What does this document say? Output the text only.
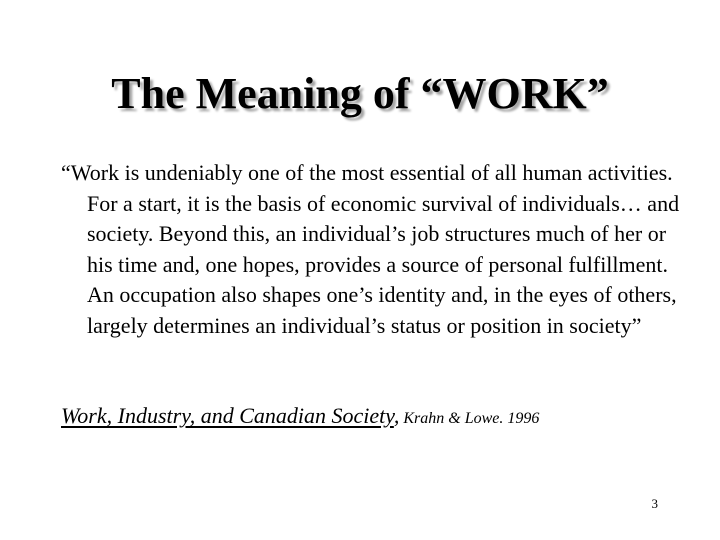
The Meaning of “WORK”

“Work is undeniably one of the most essential of all human activities. For a start, it is the basis of economic survival of individuals… and society. Beyond this, an individual’s job structures much of her or his time and, one hopes, provides a source of personal fulfillment. An occupation also shapes one’s identity and, in the eyes of others, largely determines an individual’s status or position in society”

Work, Industry, and Canadian Society, Krahn & Lowe. 1996
3
